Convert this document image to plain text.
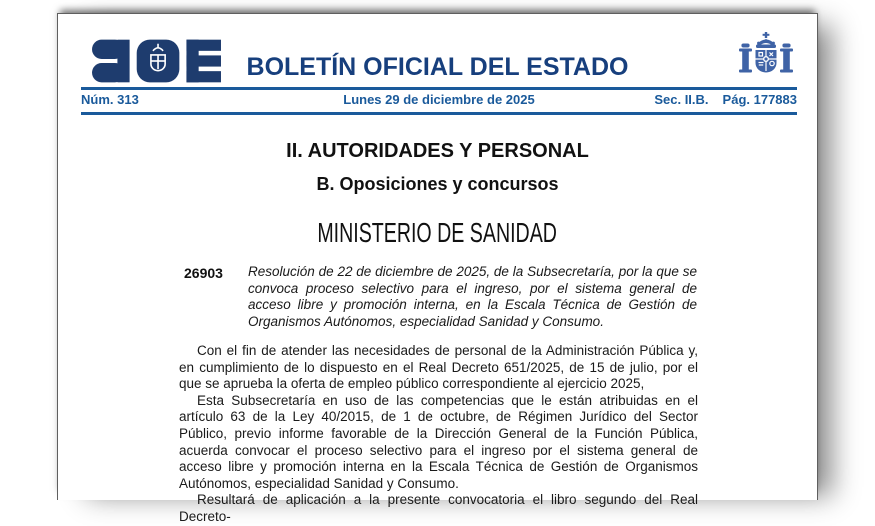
BOLETÍN OFICIAL DEL ESTADO
Núm. 313	Lunes 29 de diciembre de 2025	Sec. II.B. Pág. 177883
II. AUTORIDADES Y PERSONAL
B. Oposiciones y concursos
MINISTERIO DE SANIDAD
26903 Resolución de 22 de diciembre de 2025, de la Subsecretaría, por la que se convoca proceso selectivo para el ingreso, por el sistema general de acceso libre y promoción interna, en la Escala Técnica de Gestión de Organismos Autónomos, especialidad Sanidad y Consumo.

Con el fin de atender las necesidades de personal de la Administración Pública y, en cumplimiento de lo dispuesto en el Real Decreto 651/2025, de 15 de julio, por el que se aprueba la oferta de empleo público correspondiente al ejercicio 2025,

Esta Subsecretaría en uso de las competencias que le están atribuidas en el artículo 63 de la Ley 40/2015, de 1 de octubre, de Régimen Jurídico del Sector Público, previo informe favorable de la Dirección General de la Función Pública, acuerda convocar el proceso selectivo para el ingreso por el sistema general de acceso libre y promoción interna en la Escala Técnica de Gestión de Organismos Autónomos, especialidad Sanidad y Consumo.

Resultará de aplicación a la presente convocatoria el libro segundo del Real Decreto-
